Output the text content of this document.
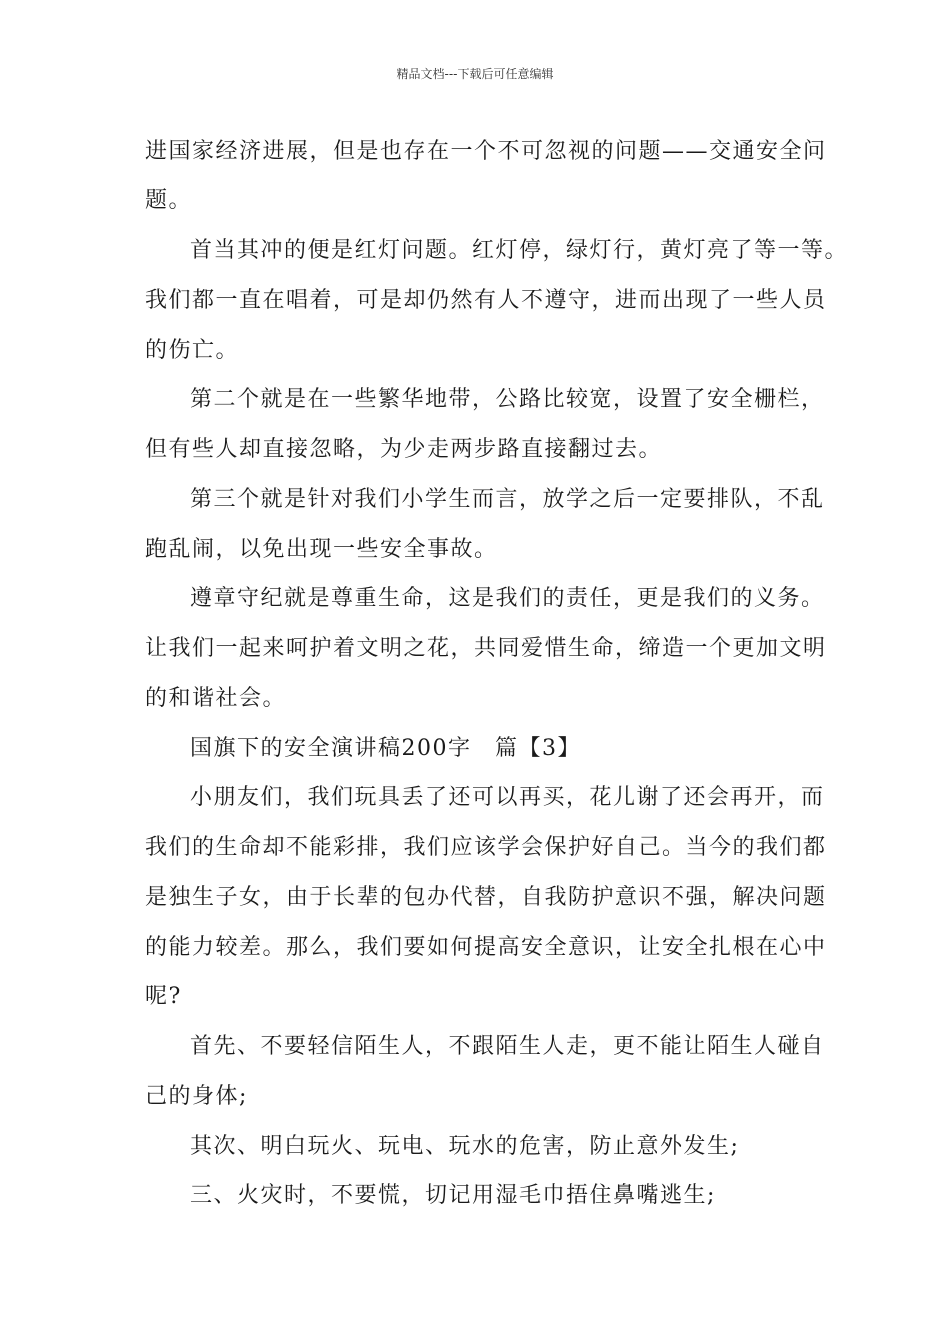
精品文档---下载后可任意编辑
进国家经济进展，但是也存在一个不可忽视的问题——交通安全问
题。
首当其冲的便是红灯问题。红灯停，绿灯行，黄灯亮了等一等。
我们都一直在唱着，可是却仍然有人不遵守，进而出现了一些人员
的伤亡。
第二个就是在一些繁华地带，公路比较宽，设置了安全栅栏，
但有些人却直接忽略，为少走两步路直接翻过去。
第三个就是针对我们小学生而言，放学之后一定要排队，不乱
跑乱闹，以免出现一些安全事故。
遵章守纪就是尊重生命，这是我们的责任，更是我们的义务。
让我们一起来呵护着文明之花，共同爱惜生命，缔造一个更加文明
的和谐社会。
国旗下的安全演讲稿200字　篇【3】
小朋友们，我们玩具丢了还可以再买，花儿谢了还会再开，而
我们的生命却不能彩排，我们应该学会保护好自己。当今的我们都
是独生子女，由于长辈的包办代替，自我防护意识不强，解决问题
的能力较差。那么，我们要如何提高安全意识，让安全扎根在心中
呢?
首先、不要轻信陌生人，不跟陌生人走，更不能让陌生人碰自
己的身体;
其次、明白玩火、玩电、玩水的危害，防止意外发生;
三、火灾时，不要慌，切记用湿毛巾捂住鼻嘴逃生;
